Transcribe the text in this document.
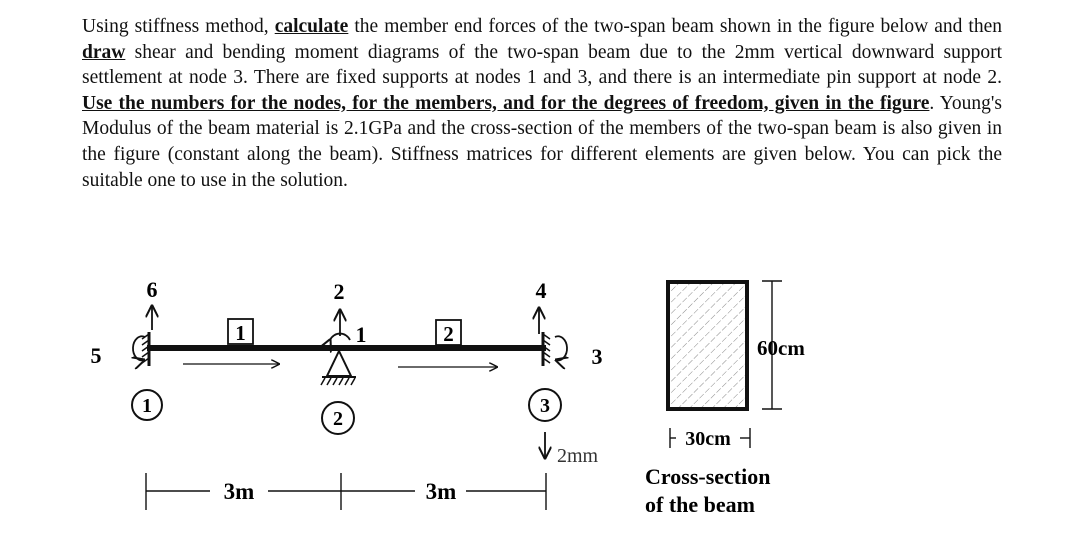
Using stiffness method, calculate the member end forces of the two-span beam shown in the figure below and then draw shear and bending moment diagrams of the two-span beam due to the 2mm vertical downward support settlement at node 3. There are fixed supports at nodes 1 and 3, and there is an intermediate pin support at node 2. Use the numbers for the nodes, for the members, and for the degrees of freedom, given in the figure. Young's Modulus of the beam material is 2.1GPa and the cross-section of the members of the two-span beam is also given in the figure (constant along the beam). Stiffness matrices for different elements are given below. You can pick the suitable one to use in the solution.

6	2	4
5
1
3
1	2
1
2
3
2mm
3m	3m
60cm
30cm
Cross-section
of the beam
